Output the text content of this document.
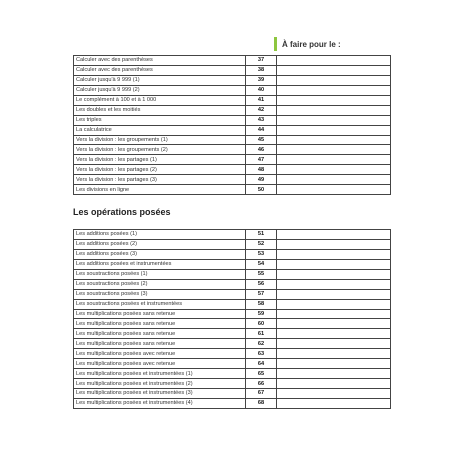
À faire pour le :
Calculer avec des parenthèses	37	
Calculer avec des parenthèses	38	
Calculer jusqu'à 9 999 (1)	39	
Calculer jusqu'à 9 999 (2)	40	
Le complément à 100 et à 1 000	41	
Les doubles et les moitiés	42	
Les triples	43	
La calculatrice	44	
Vers la division : les groupements (1)	45	
Vers la division : les groupements (2)	46	
Vers la division : les partages (1)	47	
Vers la division : les partages (2)	48	
Vers la division : les partages (3)	49	
Les divisions en ligne	50	
Les opérations posées
Les additions posées (1)	51	
Les additions posées (2)	52	
Les additions posées (3)	53	
Les additions posées et instrumentées	54	
Les soustractions posées (1)	55	
Les soustractions posées (2)	56	
Les soustractions posées (3)	57	
Les soustractions posées et instrumentées	58	
Les multiplications posées sans retenue	59	
Les multiplications posées sans retenue	60	
Les multiplications posées sans retenue	61	
Les multiplications posées sans retenue	62	
Les multiplications posées avec retenue	63	
Les multiplications posées avec retenue	64	
Les multiplications posées et instrumentées (1)	65	
Les multiplications posées et instrumentées (2)	66	
Les multiplications posées et instrumentées (3)	67	
Les multiplications posées et instrumentées (4)	68	
